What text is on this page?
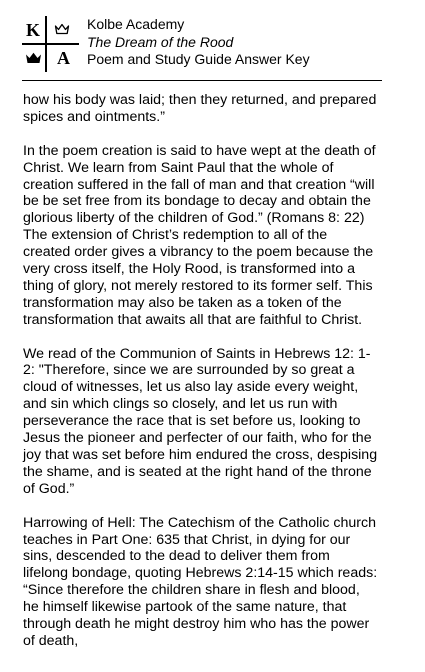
K
A
Kolbe Academy
The Dream of the Rood
Poem and Study Guide Answer Key

how his body was laid; then they returned, and prepared spices and ointments.”

In the poem creation is said to have wept at the death of Christ. We learn from Saint Paul that the whole of creation suffered in the fall of man and that creation “will be be set free from its bondage to decay and obtain the glorious liberty of the children of God.” (Romans 8: 22) The extension of Christ’s redemption to all of the created order gives a vibrancy to the poem because the very cross itself, the Holy Rood, is transformed into a thing of glory, not merely restored to its former self. This transformation may also be taken as a token of the transformation that awaits all that are faithful to Christ.

We read of the Communion of Saints in Hebrews 12: 1-2: "Therefore, since we are surrounded by so great a cloud of witnesses, let us also lay aside every weight, and sin which clings so closely, and let us run with perseverance the race that is set before us, looking to Jesus the pioneer and perfecter of our faith, who for the joy that was set before him endured the cross, despising the shame, and is seated at the right hand of the throne of God.”

Harrowing of Hell: The Catechism of the Catholic church teaches in Part One: 635 that Christ, in dying for our sins, descended to the dead to deliver them from lifelong bondage, quoting Hebrews 2:14-15 which reads: “Since therefore the children share in flesh and blood, he himself likewise partook of the same nature, that through death he might destroy him who has the power of death,
